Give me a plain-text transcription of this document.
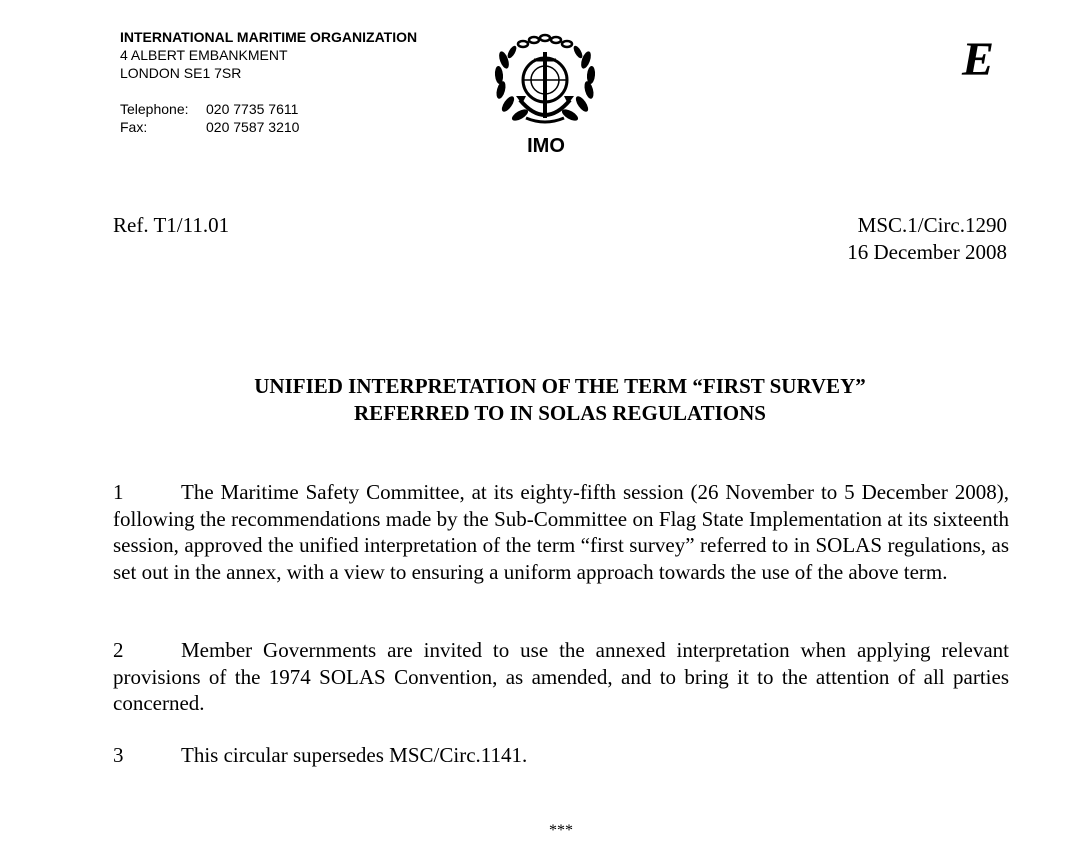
INTERNATIONAL MARITIME ORGANIZATION
4 ALBERT EMBANKMENT
LONDON SE1 7SR
Telephone:	020 7735 7611
Fax:	020 7587 3210
IMO
E
Ref. T1/11.01	MSC.1/Circ.1290
16 December 2008
UNIFIED INTERPRETATION OF THE TERM “FIRST SURVEY”
REFERRED TO IN SOLAS REGULATIONS
1	The Maritime Safety Committee, at its eighty-fifth session (26 November to 5 December 2008), following the recommendations made by the Sub-Committee on Flag State Implementation at its sixteenth session, approved the unified interpretation of the term “first survey” referred to in SOLAS regulations, as set out in the annex, with a view to ensuring a uniform approach towards the use of the above term.
2	Member Governments are invited to use the annexed interpretation when applying relevant provisions of the 1974 SOLAS Convention, as amended, and to bring it to the attention of all parties concerned.
3	This circular supersedes MSC/Circ.1141.
***
